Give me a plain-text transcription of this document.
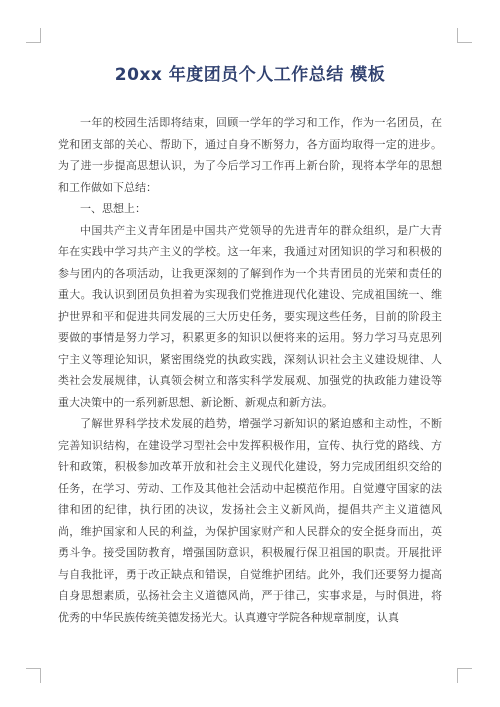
20xx 年度团员个人工作总结 模板

一年的校园生活即将结束，回顾一学年的学习和工作，作为一名团员，在党和团支部的关心、帮助下，通过自身不断努力，各方面均取得一定的进步。为了进一步提高思想认识，为了今后学习工作再上新台阶，现将本学年的思想和工作做如下总结：

一、思想上：

中国共产主义青年团是中国共产党领导的先进青年的群众组织，是广大青年在实践中学习共产主义的学校。这一年来，我通过对团知识的学习和积极的参与团内的各项活动，让我更深刻的了解到作为一个共青团员的光荣和责任的重大。我认识到团员负担着为实现我们党推进现代化建设、完成祖国统一、维护世界和平和促进共同发展的三大历史任务，要实现这些任务，目前的阶段主要做的事情是努力学习，积累更多的知识以便将来的运用。努力学习马克思列宁主义等理论知识，紧密围绕党的执政实践，深刻认识社会主义建设规律、人类社会发展规律，认真领会树立和落实科学发展观、加强党的执政能力建设等重大决策中的一系列新思想、新论断、新观点和新方法。

了解世界科学技术发展的趋势，增强学习新知识的紧迫感和主动性，不断完善知识结构，在建设学习型社会中发挥积极作用，宣传、执行党的路线、方针和政策，积极参加改革开放和社会主义现代化建设，努力完成团组织交给的任务，在学习、劳动、工作及其他社会活动中起模范作用。自觉遵守国家的法律和团的纪律，执行团的决议，发扬社会主义新风尚，提倡共产主义道德风尚，维护国家和人民的利益，为保护国家财产和人民群众的安全挺身而出，英勇斗争。接受国防教育，增强国防意识，积极履行保卫祖国的职责。开展批评与自我批评，勇于改正缺点和错误，自觉维护团结。此外，我们还要努力提高自身思想素质，弘扬社会主义道德风尚，严于律己，实事求是，与时俱进，将优秀的中华民族传统美德发扬光大。认真遵守学院各种规章制度，认真
